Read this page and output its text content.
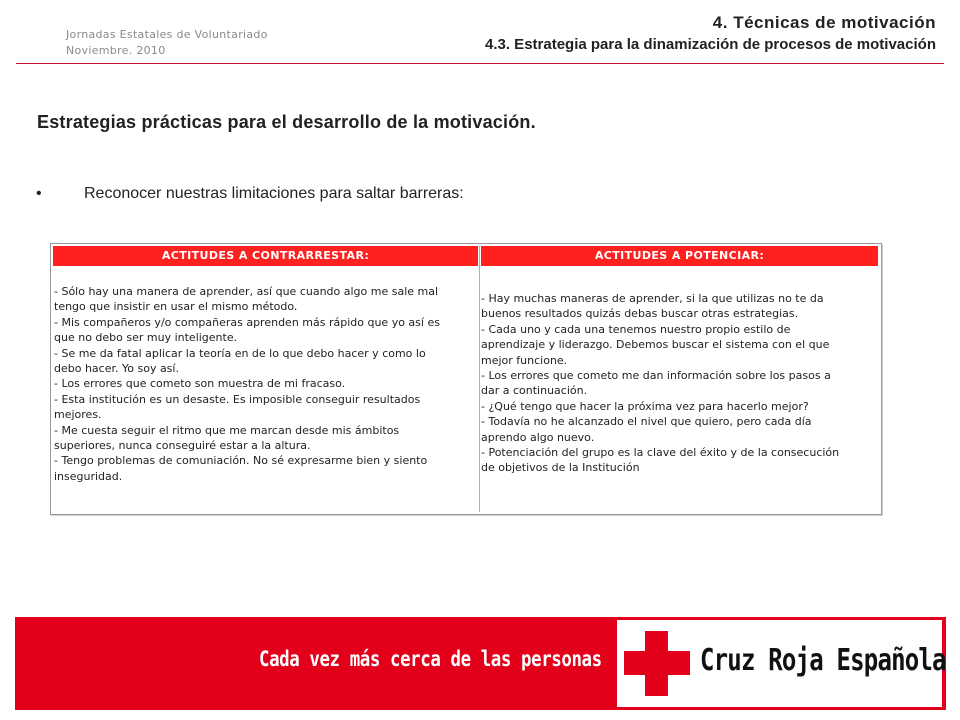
Jornadas Estatales de Voluntariado
Noviembre. 2010
4. Técnicas de motivación
4.3. Estrategia para la dinamización de procesos de motivación
Estrategias prácticas para el desarrollo de la motivación.
•	Reconocer nuestras limitaciones para saltar barreras:
ACTITUDES A CONTRARRESTAR:	ACTITUDES A POTENCIAR:
- Sólo hay una manera de aprender, así que cuando algo me sale mal
tengo que insistir en usar el mismo método.
- Mis compañeros y/o compañeras aprenden más rápido que yo así es
que no debo ser muy inteligente.
- Se me da fatal aplicar la teoría en de lo que debo hacer y como lo
debo hacer. Yo soy así.
- Los errores que cometo son muestra de mi fracaso.
- Esta institución es un desaste. Es imposible conseguir resultados
mejores.
- Me cuesta seguir el ritmo que me marcan desde mis ámbitos
superiores, nunca conseguiré estar a la altura.
- Tengo problemas de comuniación. No sé expresarme bien y siento
inseguridad.
- Hay muchas maneras de aprender, si la que utilizas no te da
buenos resultados quizás debas buscar otras estrategias.
- Cada uno y cada una tenemos nuestro propio estilo de
aprendizaje y liderazgo. Debemos buscar el sistema con el que
mejor funcione.
- Los errores que cometo me dan información sobre los pasos a
dar a continuación.
- ¿Qué tengo que hacer la próxima vez para hacerlo mejor?
- Todavía no he alcanzado el nivel que quiero, pero cada día
aprendo algo nuevo.
- Potenciación del grupo es la clave del éxito y de la consecución
de objetivos de la Institución
Cada vez más cerca de las personas	Cruz Roja Española
